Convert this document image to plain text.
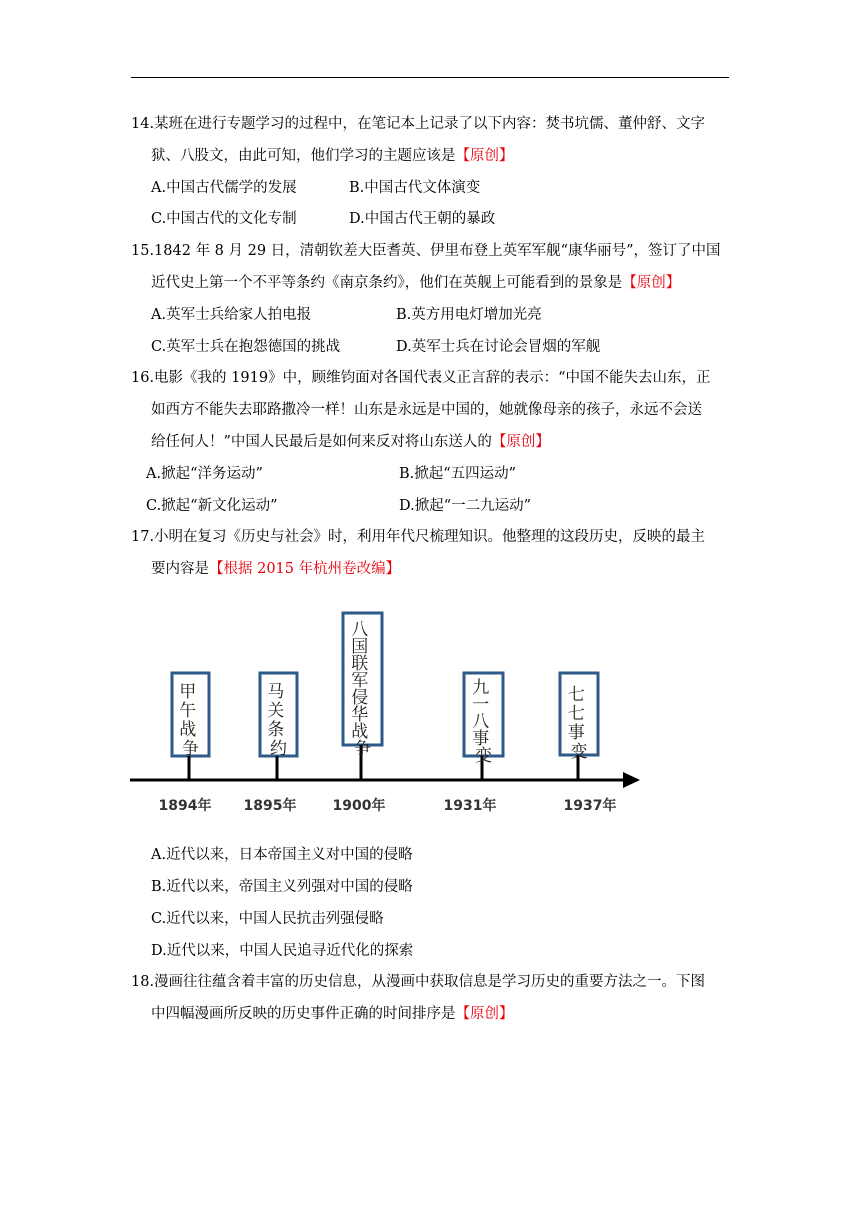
14.某班在进行专题学习的过程中，在笔记本上记录了以下内容：焚书坑儒、董仲舒、文字
狱、八股文，由此可知，他们学习的主题应该是【原创】
A.中国古代儒学的发展	B.中国古代文体演变
C.中国古代的文化专制	D.中国古代王朝的暴政
15.1842 年 8 月 29 日，清朝钦差大臣耆英、伊里布登上英军军舰“康华丽号”，签订了中国
近代史上第一个不平等条约《南京条约》，他们在英舰上可能看到的景象是【原创】
A.英军士兵给家人拍电报	B.英方用电灯增加光亮
C.英军士兵在抱怨德国的挑战	D.英军士兵在讨论会冒烟的军舰
16.电影《我的 1919》中，顾维钧面对各国代表义正言辞的表示：“中国不能失去山东，正
如西方不能失去耶路撒冷一样！山东是永远是中国的，她就像母亲的孩子，永远不会送
给任何人！”中国人民最后是如何来反对将山东送人的【原创】
A.掀起“洋务运动”	B.掀起“五四运动”
C.掀起“新文化运动”	D.掀起“一二九运动”
17.小明在复习《历史与社会》时，利用年代尺梳理知识。他整理的这段历史，反映的最主
要内容是【根据 2015 年杭州卷改编】
甲 午 战 争
1894年
马 关 条 约
1895年
八 国 联 军 侵 华 战 争
1900年
九 一 八 事 变
1931年
七 七 事 变
1937年
A.近代以来，日本帝国主义对中国的侵略
B.近代以来，帝国主义列强对中国的侵略
C.近代以来，中国人民抗击列强侵略
D.近代以来，中国人民追寻近代化的探索
18.漫画往往蕴含着丰富的历史信息，从漫画中获取信息是学习历史的重要方法之一。下图
中四幅漫画所反映的历史事件正确的时间排序是【原创】
